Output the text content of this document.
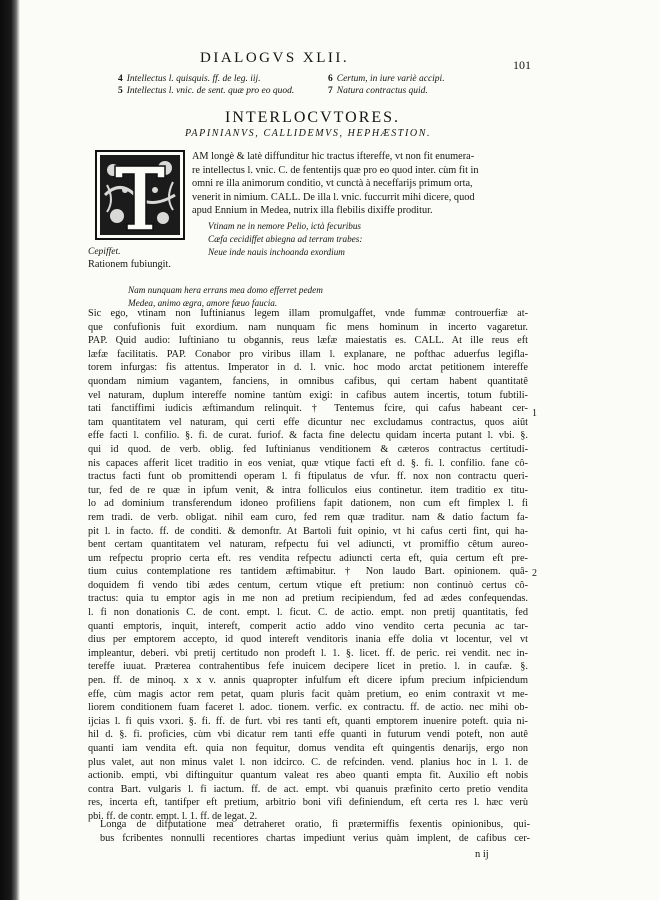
DIALOGVS XLII.	101
4 Intellectus l. quisquis. ff. de leg. iij.
5 Intellectus l. vnic. de sent. quæ pro eo quod.
6 Certum, in iure variè accipi.
7 Natura contractus quid.
INTERLOCVTORES.
PAPINIANVS, CALLIDEMVS, HEPHÆSTION.

AM longè & latè diffunditur hic tractus iftereffe, vt non fit enumera-

re intellectus l. vnic. C. de fententijs quæ pro eo quod inter. cùm fit in

omni re illa animorum conditio, vt cunctà à neceffarijs primum orta,

venerit in nimium. CALL. De illa l. vnic. fuccurrit mihi dicere, quod

apud Ennium in Medea, nutrix illa flebilis dixiffe proditur.

Vtinam ne in nemore Pelio, ictà fecuribus

Cæfa cecidiffet abiegna ad terram trabes:

Neue inde nauis inchoanda exordium

Cepiffet.
Rationem fubiungit.

Nam nunquam hera errans mea domo efferret pedem

Medea, animo ægra, amore fæuo faucia.

Sic ego, vtinam non Iuftinianus legem illam promulgaffet, vnde fummæ controuerfiæ at-

que confufionis fuit exordium. nam nunquam fic mens hominum in incerto vagaretur.

PAP. Quid audio: Iuftiniano tu obgannis, reus læfæ maiestatis es. CALL. At ille reus eft

læfæ facilitatis. PAP. Conabor pro viribus illam l. explanare, ne pofthac aduerfus legifla-

torem infurgas: fis attentus. Imperator in d. l. vnic. hoc modo arctat petitionem intereffe

quondam nimium vagantem, fanciens, in omnibus cafibus, qui certam habent quantitatê

vel naturam, duplum intereffe nomine tantùm exigi: in cafibus autem incertis, totum fubtili-

tati fanctiffimi iudicis æftimandum relinquit. † Tentemus fcire, qui cafus habeant cer-

tam quantitatem vel naturam, qui certi effe dicuntur nec excludamus contractus, quos aiût

effe facti l. confilio. §. fi. de curat. furiof. & facta fine delectu quidam incerta putant l. vbi. §.

qui id quod. de verb. oblig. fed Iuftinianus venditionem & cæteros contractus certitudi-

nis capaces afferit licet traditio in eos veniat, quæ vtique facti eft d. §. fi. l. confilio. fane cô-

tractus facti funt ob promittendi operam l. fi ftipulatus de vfur. ff. nox non contractu queri-

tur, fed de re quæ in ipfum venit, & intra folliculos eius continetur. item traditio ex titu-

lo ad dominium transferendum idoneo profiliens fapit dationem, non cum eft fimplex l. fi

rem tradi. de verb. obligat. nihil eam curo, fed rem quæ traditur. nam & datio factum fa-

pit l. in facto. ff. de conditi. & demonftr. At Bartoli fuit opinio, vt hi cafus certi fint, qui ha-

bent certam quantitatem vel naturam, refpectu fui vel adiuncti, vt promiffio cêtum aureo-

um refpectu proprio certa eft. res vendita refpectu adiuncti certa eft, quia certum eft pre-

tium cuius contemplatione res tantidem æftimabitur. † Non laudo Bart. opinionem. quâ-

doquidem fi vendo tibi ædes centum, certum vtique eft pretium: non continuò certus cô-

tractus: quia tu emptor agis in me non ad pretium recipiendum, fed ad ædes confequendas.

l. fi non donationis C. de cont. empt. l. ficut. C. de actio. empt. non pretij quantitatis, fed

quanti emptoris, inquit, intereft, comperit actio addo vino vendito certa pecunia ac tar-

dius per emptorem accepto, id quod intereft venditoris inania effe dolia vt locentur, vel vt

impleantur, deberi. vbi pretij certitudo non prodeft l. 1. §. licet. ff. de peric. rei vendit. nec in-

tereffe iuuat. Præterea contrahentibus fefe inuicem decipere licet in pretio. l. in caufæ. §.

pen. ff. de minoq. x x v. annis quapropter infulfum eft dicere ipfum precium infpiciendum

effe, cùm magis actor rem petat, quam pluris facit quàm pretium, eo enim contraxit vt me-

liorem conditionem fuam faceret l. adoc. tionem. verfic. ex contractu. ff. de actio. nec mihi ob-

ijcias l. fi quis vxori. §. fi. ff. de furt. vbi res tanti eft, quanti emptorem inuenire poteft. quia ni-

hil d. §. fi. proficies, cùm vbi dicatur rem tanti effe quanti in futurum vendi poteft, non autê

quanti iam vendita eft. quia non fequitur, domus vendita eft quingentis denarijs, ergo non

plus valet, aut non minus valet l. non idcirco. C. de refcinden. vend. planius hoc in l. 1. de

actionib. empti, vbi diftinguitur quantum valeat res abeo quanti empta fit. Auxilio eft nobis

contra Bart. vulgaris l. fi iactum. ff. de act. empt. vbi quanuis præfinito certo pretio vendita

res, incerta eft, tantifper eft pretium, arbitrio boni vifi definiendum, eft certa res l. hæc verù

pbi. ff. de contr. empt. l. 1. ff. de legat. 2.

Longa de difputatione mea detraheret oratio, fi prætermiffis fexentis opinionibus, qui-

bus fcribentes nonnulli recentiores chartas impediunt verius quàm implent, de cafibus cer-

n ij
1
2
